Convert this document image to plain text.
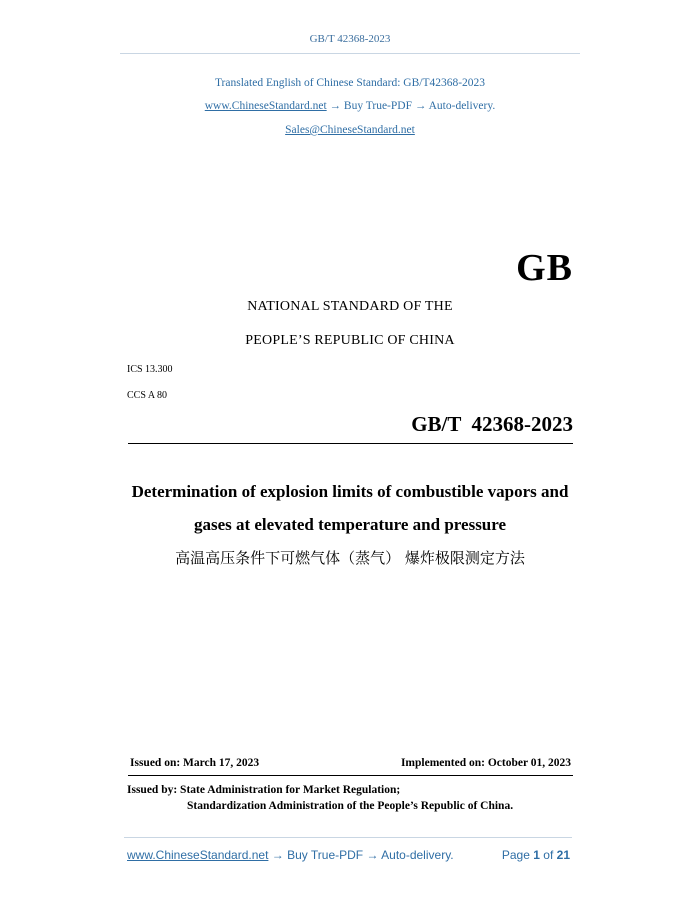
GB/T 42368-2023
Translated English of Chinese Standard: GB/T42368-2023
www.ChineseStandard.net → Buy True-PDF → Auto-delivery.
Sales@ChineseStandard.net
GB
NATIONAL STANDARD OF THE
PEOPLE’S REPUBLIC OF CHINA
ICS 13.300
CCS A 80
GB/T  42368-2023
Determination of explosion limits of combustible vapors and
gases at elevated temperature and pressure
高温高压条件下可燃气体（蒸气） 爆炸极限测定方法
Issued on: March 17, 2023	Implemented on: October 01, 2023
Issued by: State Administration for Market Regulation;
Standardization Administration of the People’s Republic of China.
www.ChineseStandard.net → Buy True-PDF → Auto-delivery.	Page 1 of 21
